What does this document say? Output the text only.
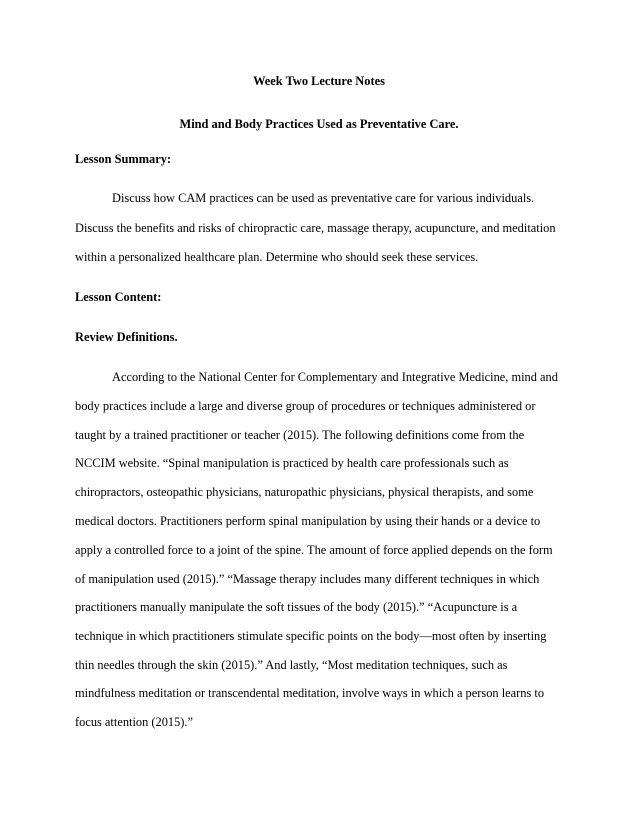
Week Two Lecture Notes
Mind and Body Practices Used as Preventative Care.
Lesson Summary:
Discuss how CAM practices can be used as preventative care for various individuals.
Discuss the benefits and risks of chiropractic care, massage therapy, acupuncture, and meditation
within a personalized healthcare plan. Determine who should seek these services.
Lesson Content:
Review Definitions.
According to the National Center for Complementary and Integrative Medicine, mind and
body practices include a large and diverse group of procedures or techniques administered or
taught by a trained practitioner or teacher (2015). The following definitions come from the
NCCIM website. “Spinal manipulation is practiced by health care professionals such as
chiropractors, osteopathic physicians, naturopathic physicians, physical therapists, and some
medical doctors. Practitioners perform spinal manipulation by using their hands or a device to
apply a controlled force to a joint of the spine. The amount of force applied depends on the form
of manipulation used (2015).” “Massage therapy includes many different techniques in which
practitioners manually manipulate the soft tissues of the body (2015).” “Acupuncture is a
technique in which practitioners stimulate specific points on the body—most often by inserting
thin needles through the skin (2015).” And lastly, “Most meditation techniques, such as
mindfulness meditation or transcendental meditation, involve ways in which a person learns to
focus attention (2015).”
